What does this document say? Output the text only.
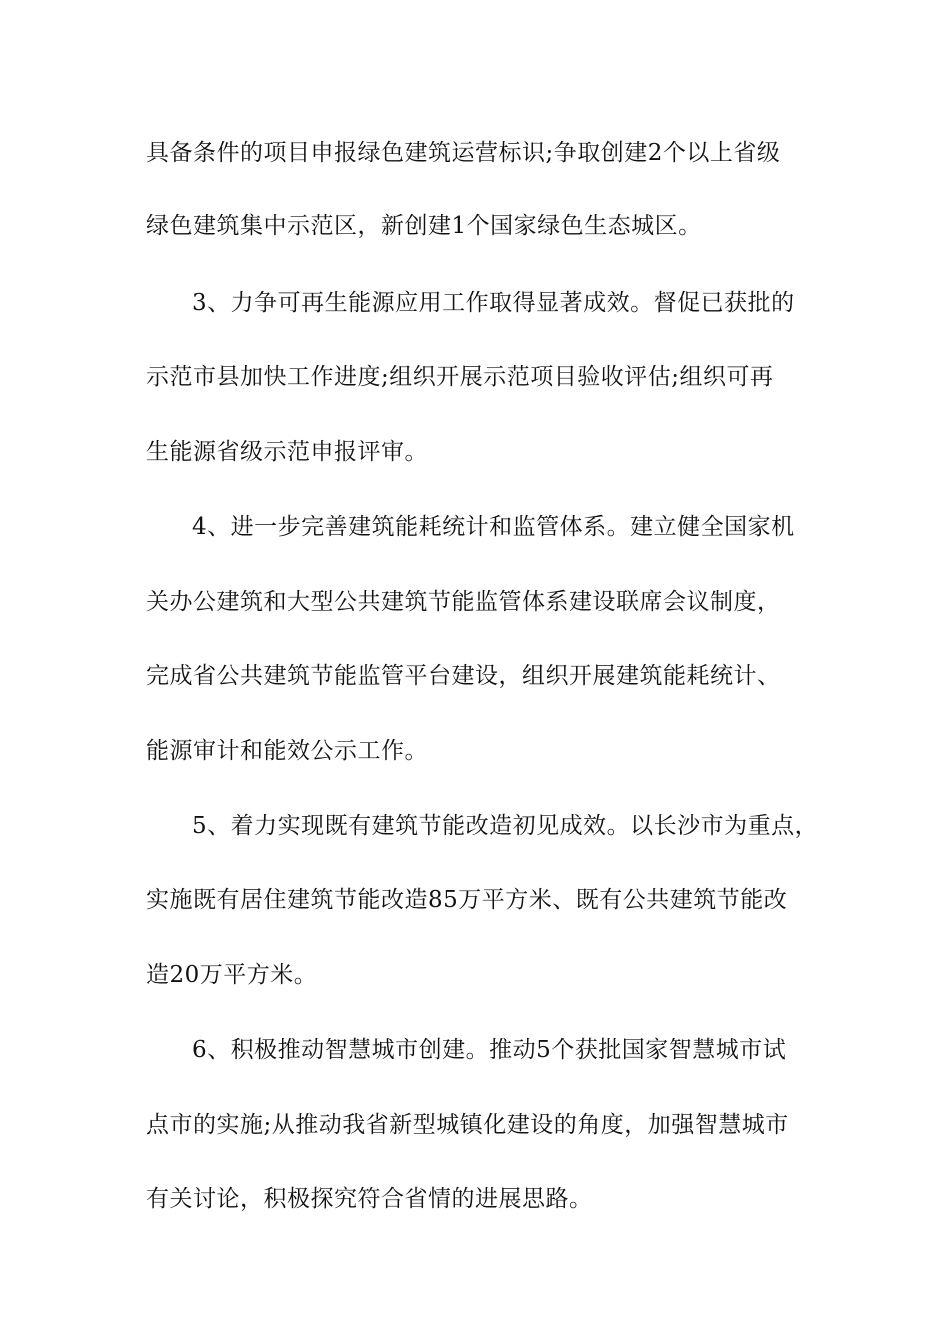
具备条件的项目申报绿色建筑运营标识;争取创建2个以上省级
绿色建筑集中示范区，新创建1个国家绿色生态城区。
3、力争可再生能源应用工作取得显著成效。督促已获批的
示范市县加快工作进度;组织开展示范项目验收评估;组织可再
生能源省级示范申报评审。
4、进一步完善建筑能耗统计和监管体系。建立健全国家机
关办公建筑和大型公共建筑节能监管体系建设联席会议制度，
完成省公共建筑节能监管平台建设，组织开展建筑能耗统计、
能源审计和能效公示工作。
5、着力实现既有建筑节能改造初见成效。以长沙市为重点，
实施既有居住建筑节能改造85万平方米、既有公共建筑节能改
造20万平方米。
6、积极推动智慧城市创建。推动5个获批国家智慧城市试
点市的实施;从推动我省新型城镇化建设的角度，加强智慧城市
有关讨论，积极探究符合省情的进展思路。
